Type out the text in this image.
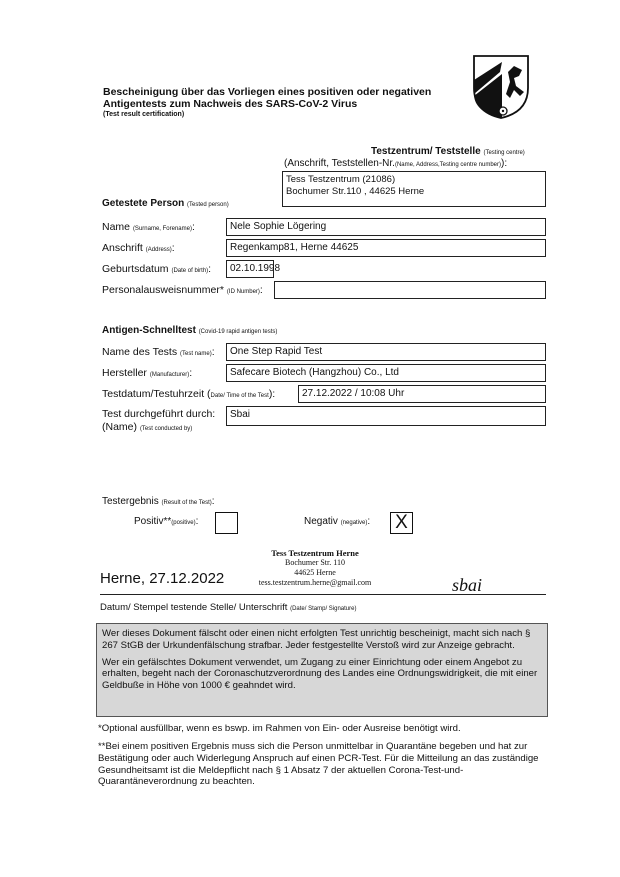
Bescheinigung über das Vorliegen eines positiven oder negativen
Antigentests zum Nachweis des SARS-CoV-2 Virus
(Test result certification)
Testzentrum/ Teststelle (Testing centre)
(Anschrift, Teststellen-Nr.(Name, Address,Testing centre number)):
Tess Testzentrum (21086)
Bochumer Str.110 , 44625 Herne
Getestete Person (Tested person)
Name (Surname, Forename):	Nele Sophie Lögering
Anschrift (Address):	Regenkamp81, Herne 44625
Geburtsdatum (Date of birth):	02.10.1998
Personalausweisnummer* (ID Number):
Antigen-Schnelltest (Covid-19 rapid antigen tests)
Name des Tests (Test name):	One Step Rapid Test
Hersteller (Manufacturer):	Safecare Biotech (Hangzhou) Co., Ltd
Testdatum/Testuhrzeit (Date/ Time of the Test):	27.12.2022 / 10:08 Uhr
Test durchgeführt durch:
(Name) (Test conducted by)
Sbai
Testergebnis (Result of the Test):
Positiv**(positive):	Negativ (negative): X
Tess Testzentrum Herne
Bochumer Str. 110
44625 Herne
tess.testzentrum.herne@gmail.com
Herne, 27.12.2022	sbai
Datum/ Stempel testende Stelle/ Unterschrift (Date/ Stamp/ Signature)

Wer dieses Dokument fälscht oder einen nicht erfolgten Test unrichtig bescheinigt, macht sich nach § 267 StGB der Urkundenfälschung strafbar. Jeder festgestellte Verstoß wird zur Anzeige gebracht.

Wer ein gefälschtes Dokument verwendet, um Zugang zu einer Einrichtung oder einem Angebot zu erhalten, begeht nach der Coronaschutzverordnung des Landes eine Ordnungswidrigkeit, die mit einer Geldbuße in Höhe von 1000 € geahndet wird.

*Optional ausfüllbar, wenn es bswp. im Rahmen von Ein- oder Ausreise benötigt wird.
**Bei einem positiven Ergebnis muss sich die Person unmittelbar in Quarantäne begeben und hat zur Bestätigung oder auch Widerlegung Anspruch auf einen PCR-Test. Für die Mitteilung an das zuständige Gesundheitsamt ist die Meldepflicht nach § 1 Absatz 7 der aktuellen Corona-Test-und-Quarantäneverordnung zu beachten.
